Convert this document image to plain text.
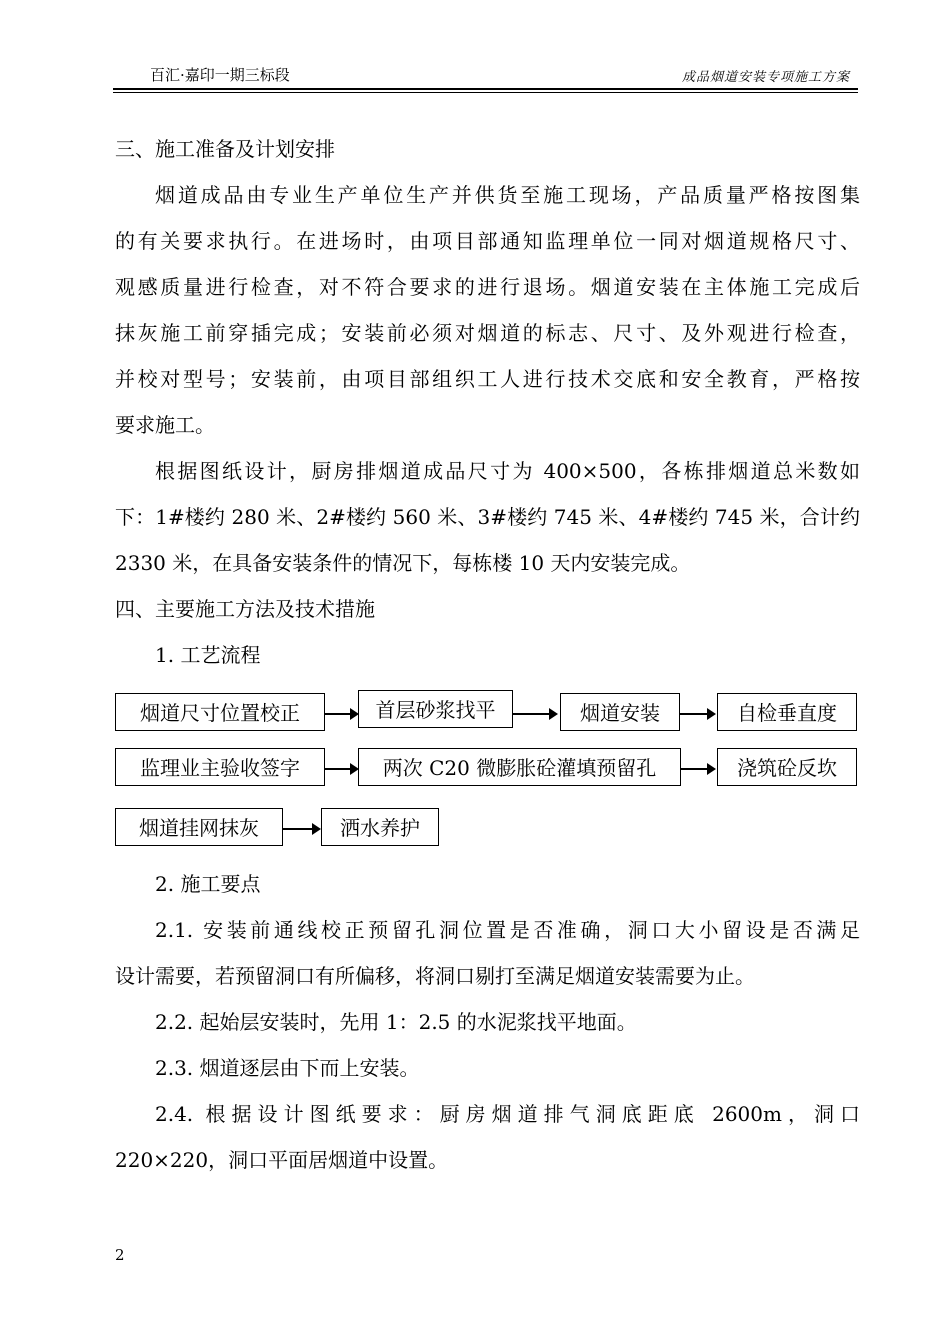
百汇·嘉印一期三标段	成品烟道安装专项施工方案
三、施工准备及计划安排
烟道成品由专业生产单位生产并供货至施工现场，产品质量严格按图集
的有关要求执行。在进场时，由项目部通知监理单位一同对烟道规格尺寸、
观感质量进行检查，对不符合要求的进行退场。烟道安装在主体施工完成后
抹灰施工前穿插完成；安装前必须对烟道的标志、尺寸、及外观进行检查，
并校对型号；安装前，由项目部组织工人进行技术交底和安全教育，严格按
要求施工。
根据图纸设计，厨房排烟道成品尺寸为 400×500，各栋排烟道总米数如
下：1#楼约 280 米、2#楼约 560 米、3#楼约 745 米、4#楼约 745 米，合计约
2330 米，在具备安装条件的情况下，每栋楼 10 天内安装完成。
四、主要施工方法及技术措施
1. 工艺流程
烟道尺寸位置校正	首层砂浆找平	烟道安装	自检垂直度
监理业主验收签字	两次 C20 微膨胀砼灌填预留孔	浇筑砼反坎
烟道挂网抹灰	洒水养护
2. 施工要点
2.1. 安装前通线校正预留孔洞位置是否准确，洞口大小留设是否满足
设计需要，若预留洞口有所偏移，将洞口剔打至满足烟道安装需要为止。
2.2. 起始层安装时，先用 1：2.5 的水泥浆找平地面。
2.3. 烟道逐层由下而上安装。
2.4. 根据设计图纸要求：厨房烟道排气洞底距底 2600m，洞口
220×220，洞口平面居烟道中设置。
2
